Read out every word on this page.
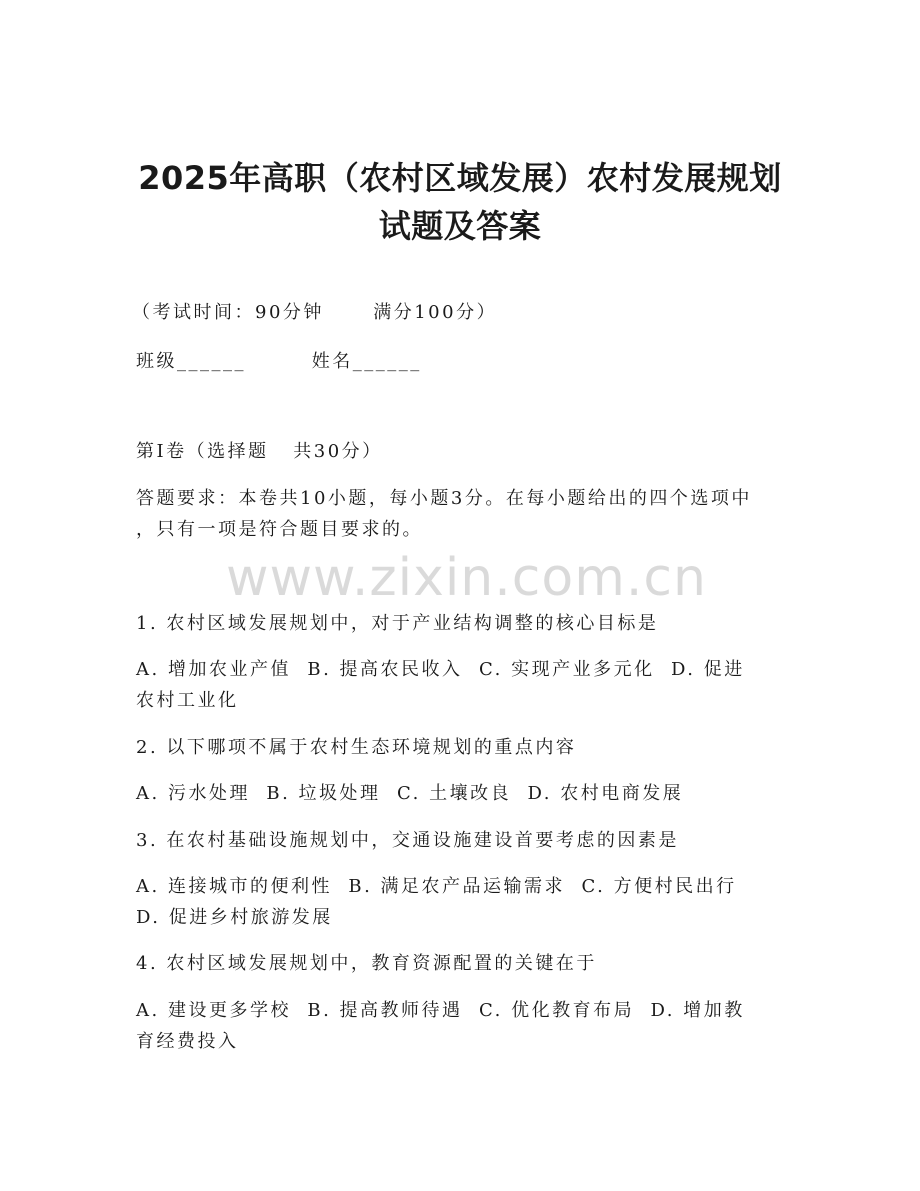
2025年高职（农村区域发展）农村发展规划
试题及答案
（考试时间：90分钟      满分100分）
班级______        姓名______
第I卷（选择题   共30分）
答题要求：本卷共10小题，每小题3分。在每小题给出的四个选项中
，只有一项是符合题目要求的。
www.zixin.com.cn
1. 农村区域发展规划中，对于产业结构调整的核心目标是
A. 增加农业产值  B. 提高农民收入  C. 实现产业多元化  D. 促进
农村工业化
2. 以下哪项不属于农村生态环境规划的重点内容
A. 污水处理  B. 垃圾处理  C. 土壤改良  D. 农村电商发展
3. 在农村基础设施规划中，交通设施建设首要考虑的因素是
A. 连接城市的便利性  B. 满足农产品运输需求  C. 方便村民出行
D. 促进乡村旅游发展
4. 农村区域发展规划中，教育资源配置的关键在于
A. 建设更多学校  B. 提高教师待遇  C. 优化教育布局  D. 增加教
育经费投入
